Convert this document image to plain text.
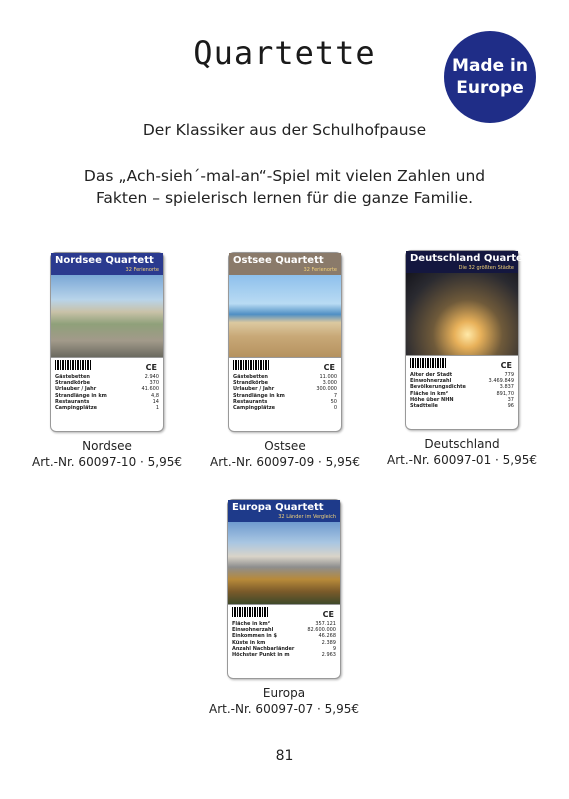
Quartette	Made in
Europe
Der Klassiker aus der Schulhofpause
Das „Ach-sieh´-mal-an“-Spiel mit vielen Zahlen und
Fakten – spielerisch lernen für die ganze Familie.
Nordsee Quartett
32 Ferienorte
CE
Gästebetten	2.940
Strandkörbe	370
Urlauber / Jahr	41.600
Strandlänge in km	4,8
Restaurants	14
Campingplätze	1

Nordsee
Art.-Nr. 60097-10 · 5,95€
Ostsee Quartett
32 Ferienorte
CE
Gästebetten	11.000
Strandkörbe	3.000
Urlauber / Jahr	300.000
Strandlänge in km	7
Restaurants	50
Campingplätze	0

Ostsee
Art.-Nr. 60097-09 · 5,95€
Deutschland Quartett
Die 32 größten Städte
CE
Alter der Stadt	779
Einwohnerzahl	3.469.849
Bevölkerungsdichte	3.837
Fläche in km²	891,70
Höhe über NHN	37
Stadtteile	96

Deutschland
Art.-Nr. 60097-01 · 5,95€
Europa Quartett
32 Länder im Vergleich
CE
Fläche in km²	357.121
Einwohnerzahl	82.600.000
Einkommen in $	46.268
Küste in km	2.389
Anzahl Nachbarländer	9
Höchster Punkt in m	2.963

Europa
Art.-Nr. 60097-07 · 5,95€
81
